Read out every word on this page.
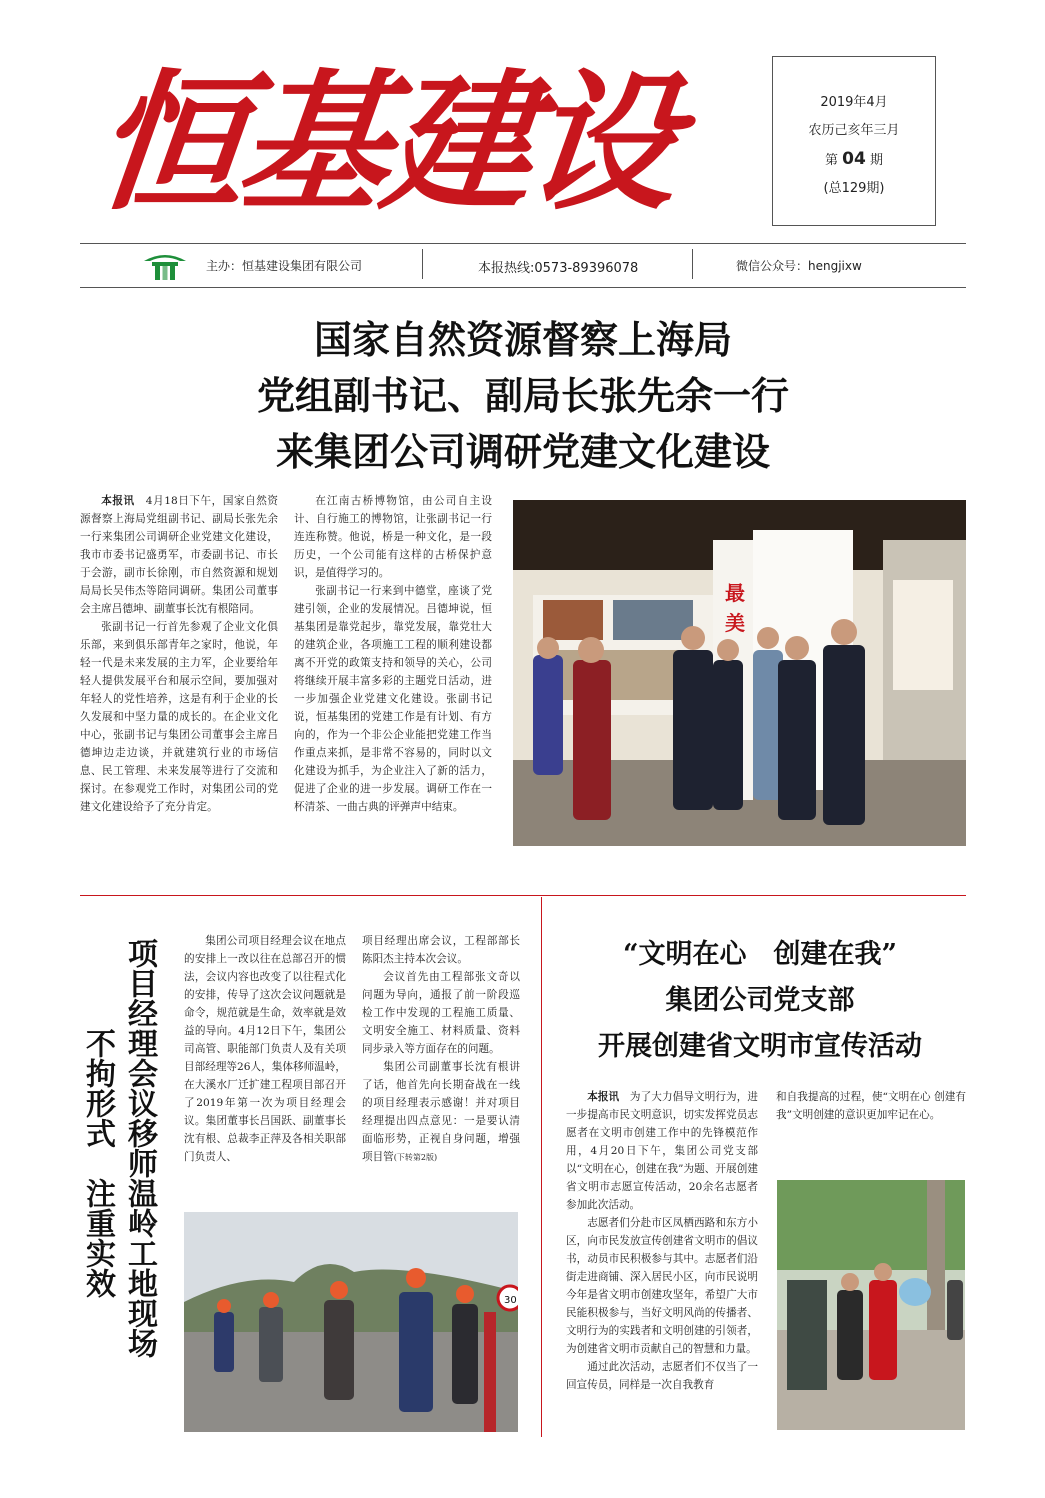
恒基建设	2019年4月
农历己亥年三月
第 04 期
(总129期)
主办：恒基建设集团有限公司	本报热线:0573-89396078	微信公众号：hengjixw
国家自然资源督察上海局
党组副书记、副局长张先余一行
来集团公司调研党建文化建设

本报讯　 4月18日下午，国家自然资源督察上海局党组副书记、副局长张先余一行来集团公司调研企业党建文化建设，我市市委书记盛勇军，市委副书记、市长于会游，副市长徐刚，市自然资源和规划局局长吴伟杰等陪同调研。集团公司董事会主席吕德坤、副董事长沈有根陪同。

张副书记一行首先参观了企业文化俱乐部，来到俱乐部青年之家时，他说，年轻一代是未来发展的主力军，企业要给年轻人提供发展平台和展示空间，要加强对年轻人的党性培养，这是有利于企业的长久发展和中坚力量的成长的。在企业文化中心，张副书记与集团公司董事会主席吕德坤边走边谈，并就建筑行业的市场信息、民工管理、未来发展等进行了交流和探讨。在参观党工作时，对集团公司的党建文化建设给予了充分肯定。

在江南古桥博物馆，由公司自主设计、自行施工的博物馆，让张副书记一行连连称赞。他说，桥是一种文化，是一段历史，一个公司能有这样的古桥保护意识，是值得学习的。

张副书记一行来到中德堂，座谈了党建引领，企业的发展情况。吕德坤说，恒基集团是靠党起步，靠党发展，靠党壮大的建筑企业，各项施工工程的顺利建设都离不开党的政策支持和领导的关心，公司将继续开展丰富多彩的主题党日活动，进一步加强企业党建文化建设。张副书记说，恒基集团的党建工作是有计划、有方向的，作为一个非公企业能把党建工作当作重点来抓，是非常不容易的，同时以文化建设为抓手，为企业注入了新的活力，促进了企业的进一步发展。调研工作在一杯清茶、一曲古典的评弹声中结束。

最美
项目经理会议移师温岭工地现场
不拘形式　注重实效

集团公司项目经理会议在地点的安排上一改以往在总部召开的惯法，会议内容也改变了以往程式化的安排，传导了这次会议问题就是命令，规范就是生命，效率就是效益的导向。4月12日下午，集团公司高管、职能部门负责人及有关项目部经理等26人，集体移师温岭，在大溪水厂迁扩建工程项目部召开了2019年第一次为项目经理会议。集团董事长吕国跃、副董事长沈有根、总裁李正萍及各相关职部门负责人、

项目经理出席会议，工程部部长陈阳杰主持本次会议。

会议首先由工程部张文奇以问题为导向，通报了前一阶段巡检工作中发现的工程施工质量、文明安全施工、材料质量、资料同步录入等方面存在的问题。

集团公司副董事长沈有根讲了话，他首先向长期奋战在一线的项目经理表示感谢！并对项目经理提出四点意见：一是要认清面临形势，正视自身问题，增强项目管(下转第2版)

30
“文明在心　创建在我”
集团公司党支部
开展创建省文明市宣传活动

本报讯　 为了大力倡导文明行为，进一步提高市民文明意识，切实发挥党员志愿者在文明市创建工作中的先锋模范作用，4月20日下午，集团公司党支部以“文明在心，创建在我”为题、开展创建省文明市志愿宣传活动，20余名志愿者参加此次活动。

志愿者们分赴市区凤栖西路和东方小区，向市民发放宣传创建省文明市的倡议书，动员市民积极参与其中。志愿者们沿街走进商铺、深入居民小区，向市民说明今年是省文明市创建攻坚年，希望广大市民能积极参与，当好文明风尚的传播者、文明行为的实践者和文明创建的引领者，为创建省文明市贡献自己的智慧和力量。

通过此次活动，志愿者们不仅当了一回宣传员，同样是一次自我教育

和自我提高的过程，使“文明在心 创建有我”文明创建的意识更加牢记在心。
